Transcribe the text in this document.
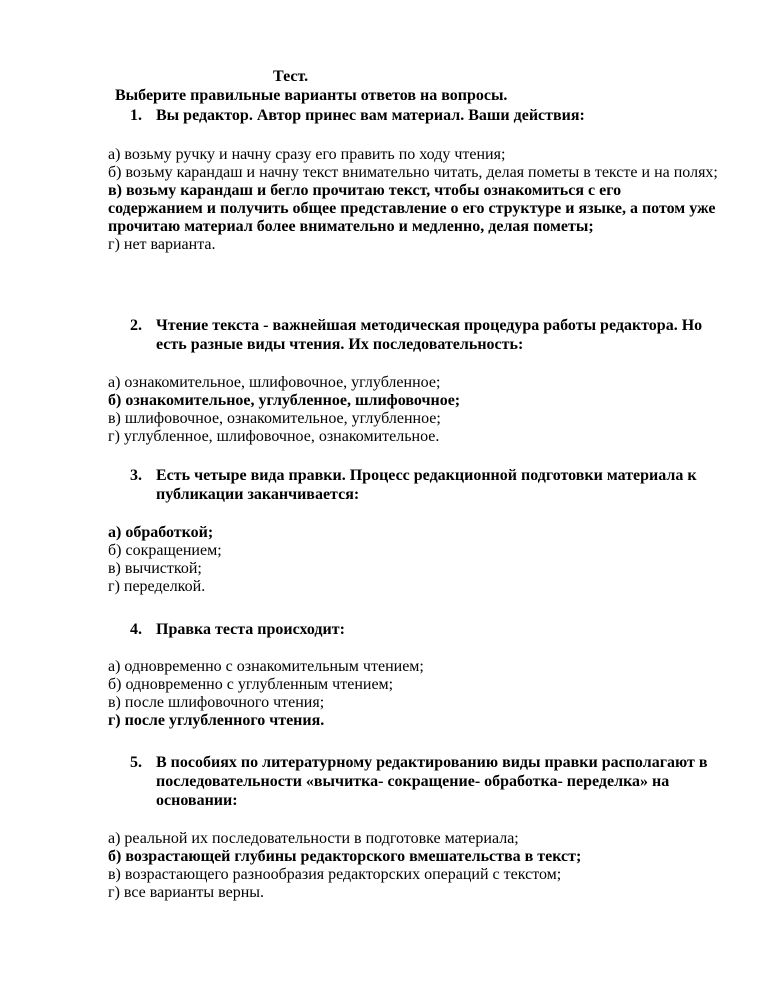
Тест.
Выберите правильные варианты ответов на вопросы.
1. Вы редактор. Автор принес вам материал. Ваши действия:
а) возьму ручку и начну сразу его править по ходу чтения;
б) возьму карандаш и начну текст внимательно читать, делая пометы в тексте и на полях;
в) возьму карандаш и бегло прочитаю текст, чтобы ознакомиться с его содержанием и получить общее представление о его структуре и языке, а потом уже прочитаю материал более внимательно и медленно, делая пометы;
г) нет варианта.
2. Чтение текста - важнейшая методическая процедура работы редактора. Но есть разные виды чтения. Их последовательность:
а) ознакомительное, шлифовочное, углубленное;
б) ознакомительное, углубленное, шлифовочное;
в) шлифовочное, ознакомительное, углубленное;
г) углубленное, шлифовочное, ознакомительное.
3. Есть четыре вида правки. Процесс редакционной подготовки материала к публикации заканчивается:
а) обработкой;
б) сокращением;
в) вычисткой;
г) переделкой.
4. Правка теста происходит:
а) одновременно с ознакомительным чтением;
б) одновременно с углубленным чтением;
в) после шлифовочного чтения;
г) после углубленного чтения.
5. В пособиях по литературному редактированию виды правки располагают в последовательности «вычитка- сокращение- обработка- переделка» на основании:
а) реальной их последовательности в подготовке материала;
б) возрастающей глубины редакторского вмешательства в текст;
в) возрастающего разнообразия редакторских операций с текстом;
г) все варианты верны.
